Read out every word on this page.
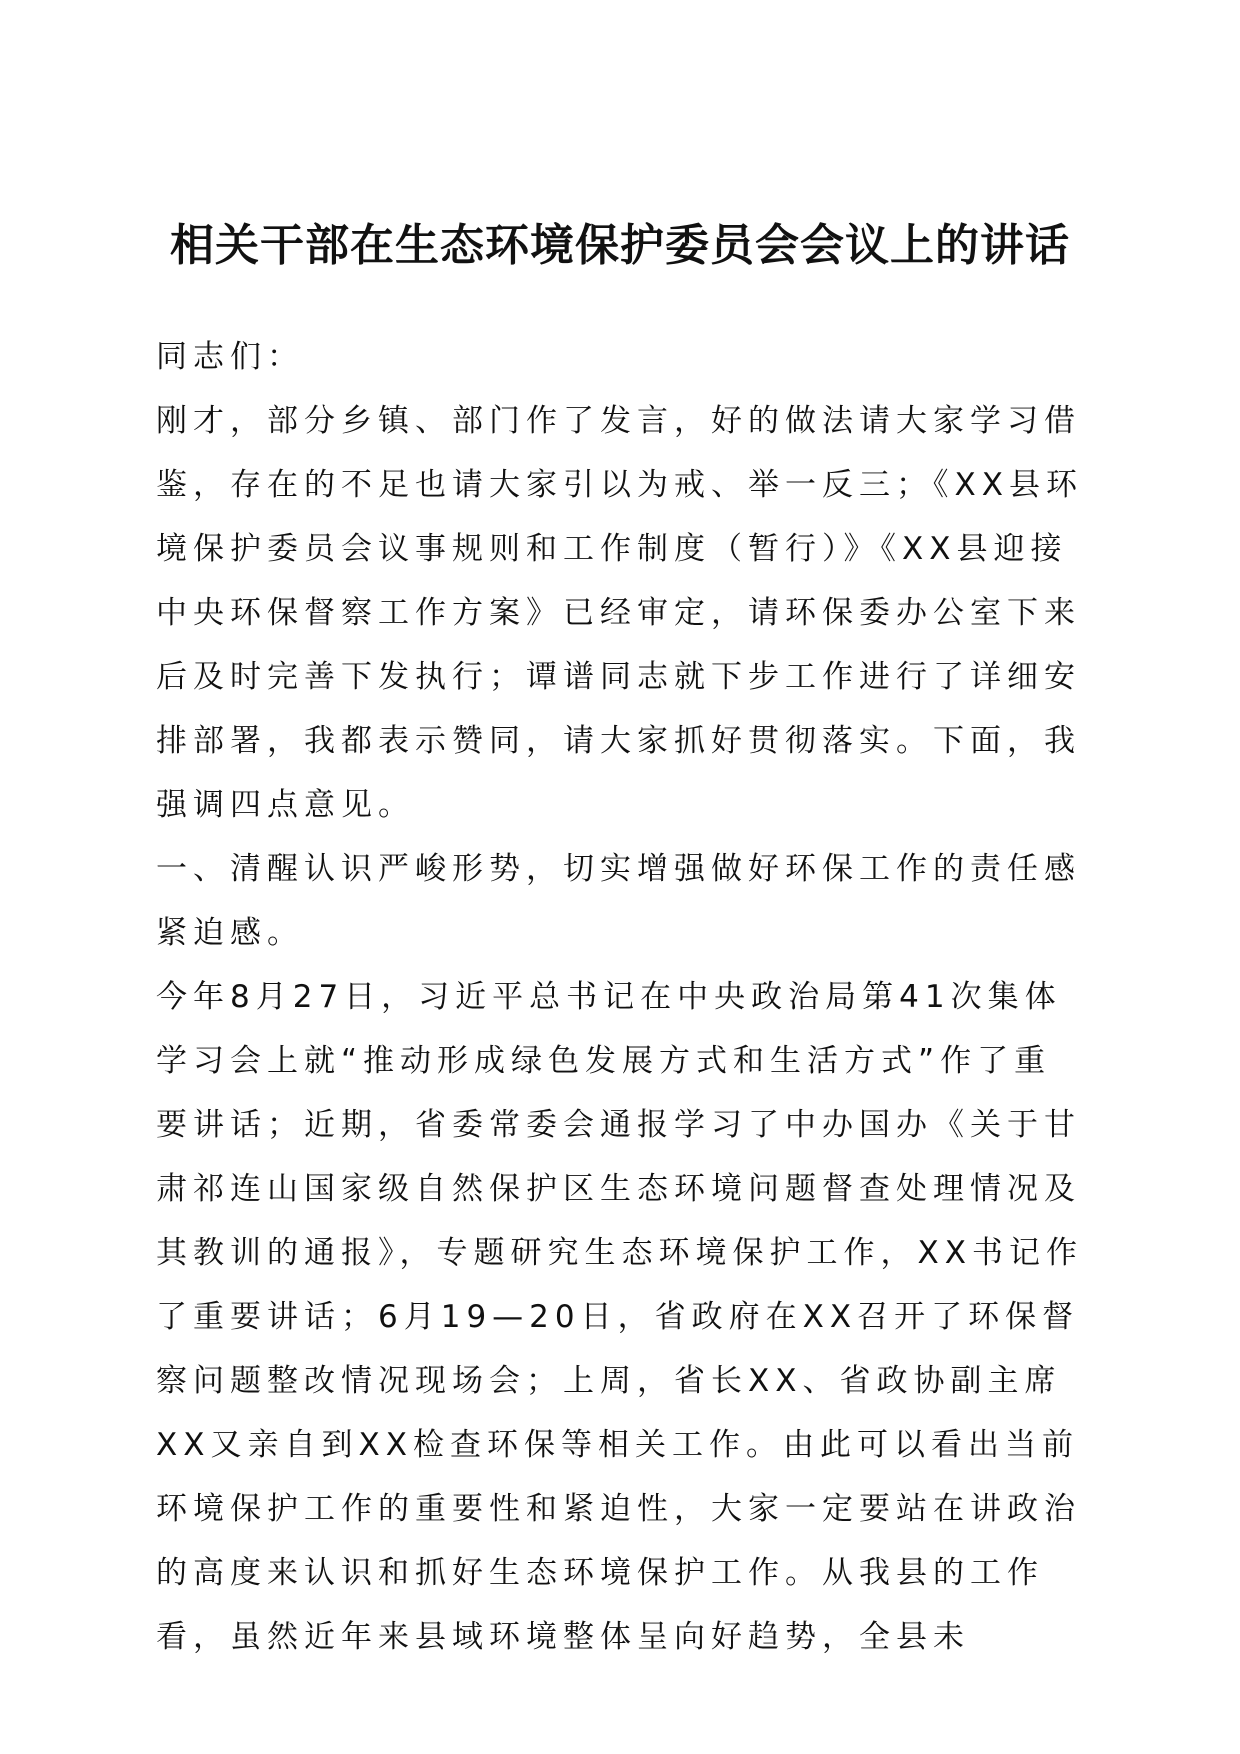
相关干部在生态环境保护委员会会议上的讲话

同志们：

刚才，部分乡镇、部门作了发言，好的做法请大家学习借鉴，存在的不足也请大家引以为戒、举一反三；《XX县环境保护委员会议事规则和工作制度（暂行）》《XX县迎接中央环保督察工作方案》已经审定，请环保委办公室下来后及时完善下发执行；谭谱同志就下步工作进行了详细安排部署，我都表示赞同，请大家抓好贯彻落实。下面，我强调四点意见。

一、清醒认识严峻形势，切实增强做好环保工作的责任感紧迫感。

今年8月27日，习近平总书记在中央政治局第41次集体学习会上就“推动形成绿色发展方式和生活方式”作了重要讲话；近期，省委常委会通报学习了中办国办《关于甘肃祁连山国家级自然保护区生态环境问题督查处理情况及其教训的通报》，专题研究生态环境保护工作，XX书记作了重要讲话；6月19—20日，省政府在XX召开了环保督察问题整改情况现场会；上周，省长XX、省政协副主席XX又亲自到XX检查环保等相关工作。由此可以看出当前环境保护工作的重要性和紧迫性，大家一定要站在讲政治的高度来认识和抓好生态环境保护工作。从我县的工作看，虽然近年来县域环境整体呈向好趋势，全县未
